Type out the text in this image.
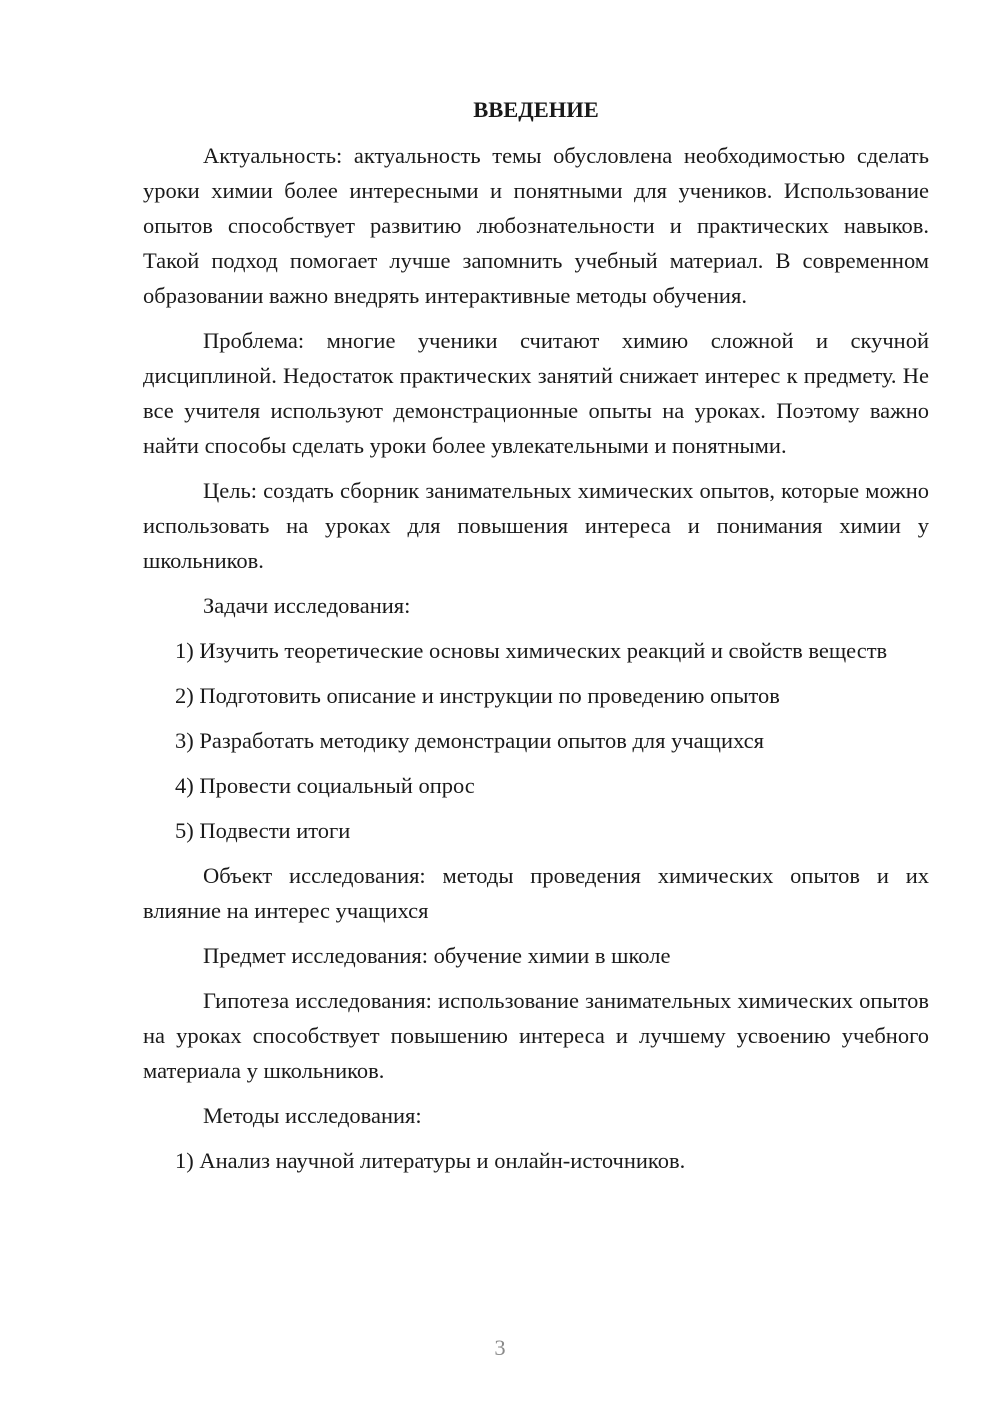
ВВЕДЕНИЕ

Актуальность: актуальность темы обусловлена необходимостью сделать уроки химии более интересными и понятными для учеников. Использование опытов способствует развитию любознательности и практических навыков. Такой подход помогает лучше запомнить учебный материал. В современном образовании важно внедрять интерактивные методы обучения.

Проблема: многие ученики считают химию сложной и скучной дисциплиной. Недостаток практических занятий снижает интерес к предмету. Не все учителя используют демонстрационные опыты на уроках. Поэтому важно найти способы сделать уроки более увлекательными и понятными.

Цель: создать сборник занимательных химических опытов, которые можно использовать на уроках для повышения интереса и понимания химии у школьников.

Задачи исследования:

1) Изучить теоретические основы химических реакций и свойств веществ

2) Подготовить описание и инструкции по проведению опытов

3) Разработать методику демонстрации опытов для учащихся

4) Провести социальный опрос

5) Подвести итоги

Объект исследования: методы проведения химических опытов и их влияние на интерес учащихся

Предмет исследования: обучение химии в школе

Гипотеза исследования: использование занимательных химических опытов на уроках способствует повышению интереса и лучшему усвоению учебного материала у школьников.

Методы исследования:

1) Анализ научной литературы и онлайн-источников.

3
